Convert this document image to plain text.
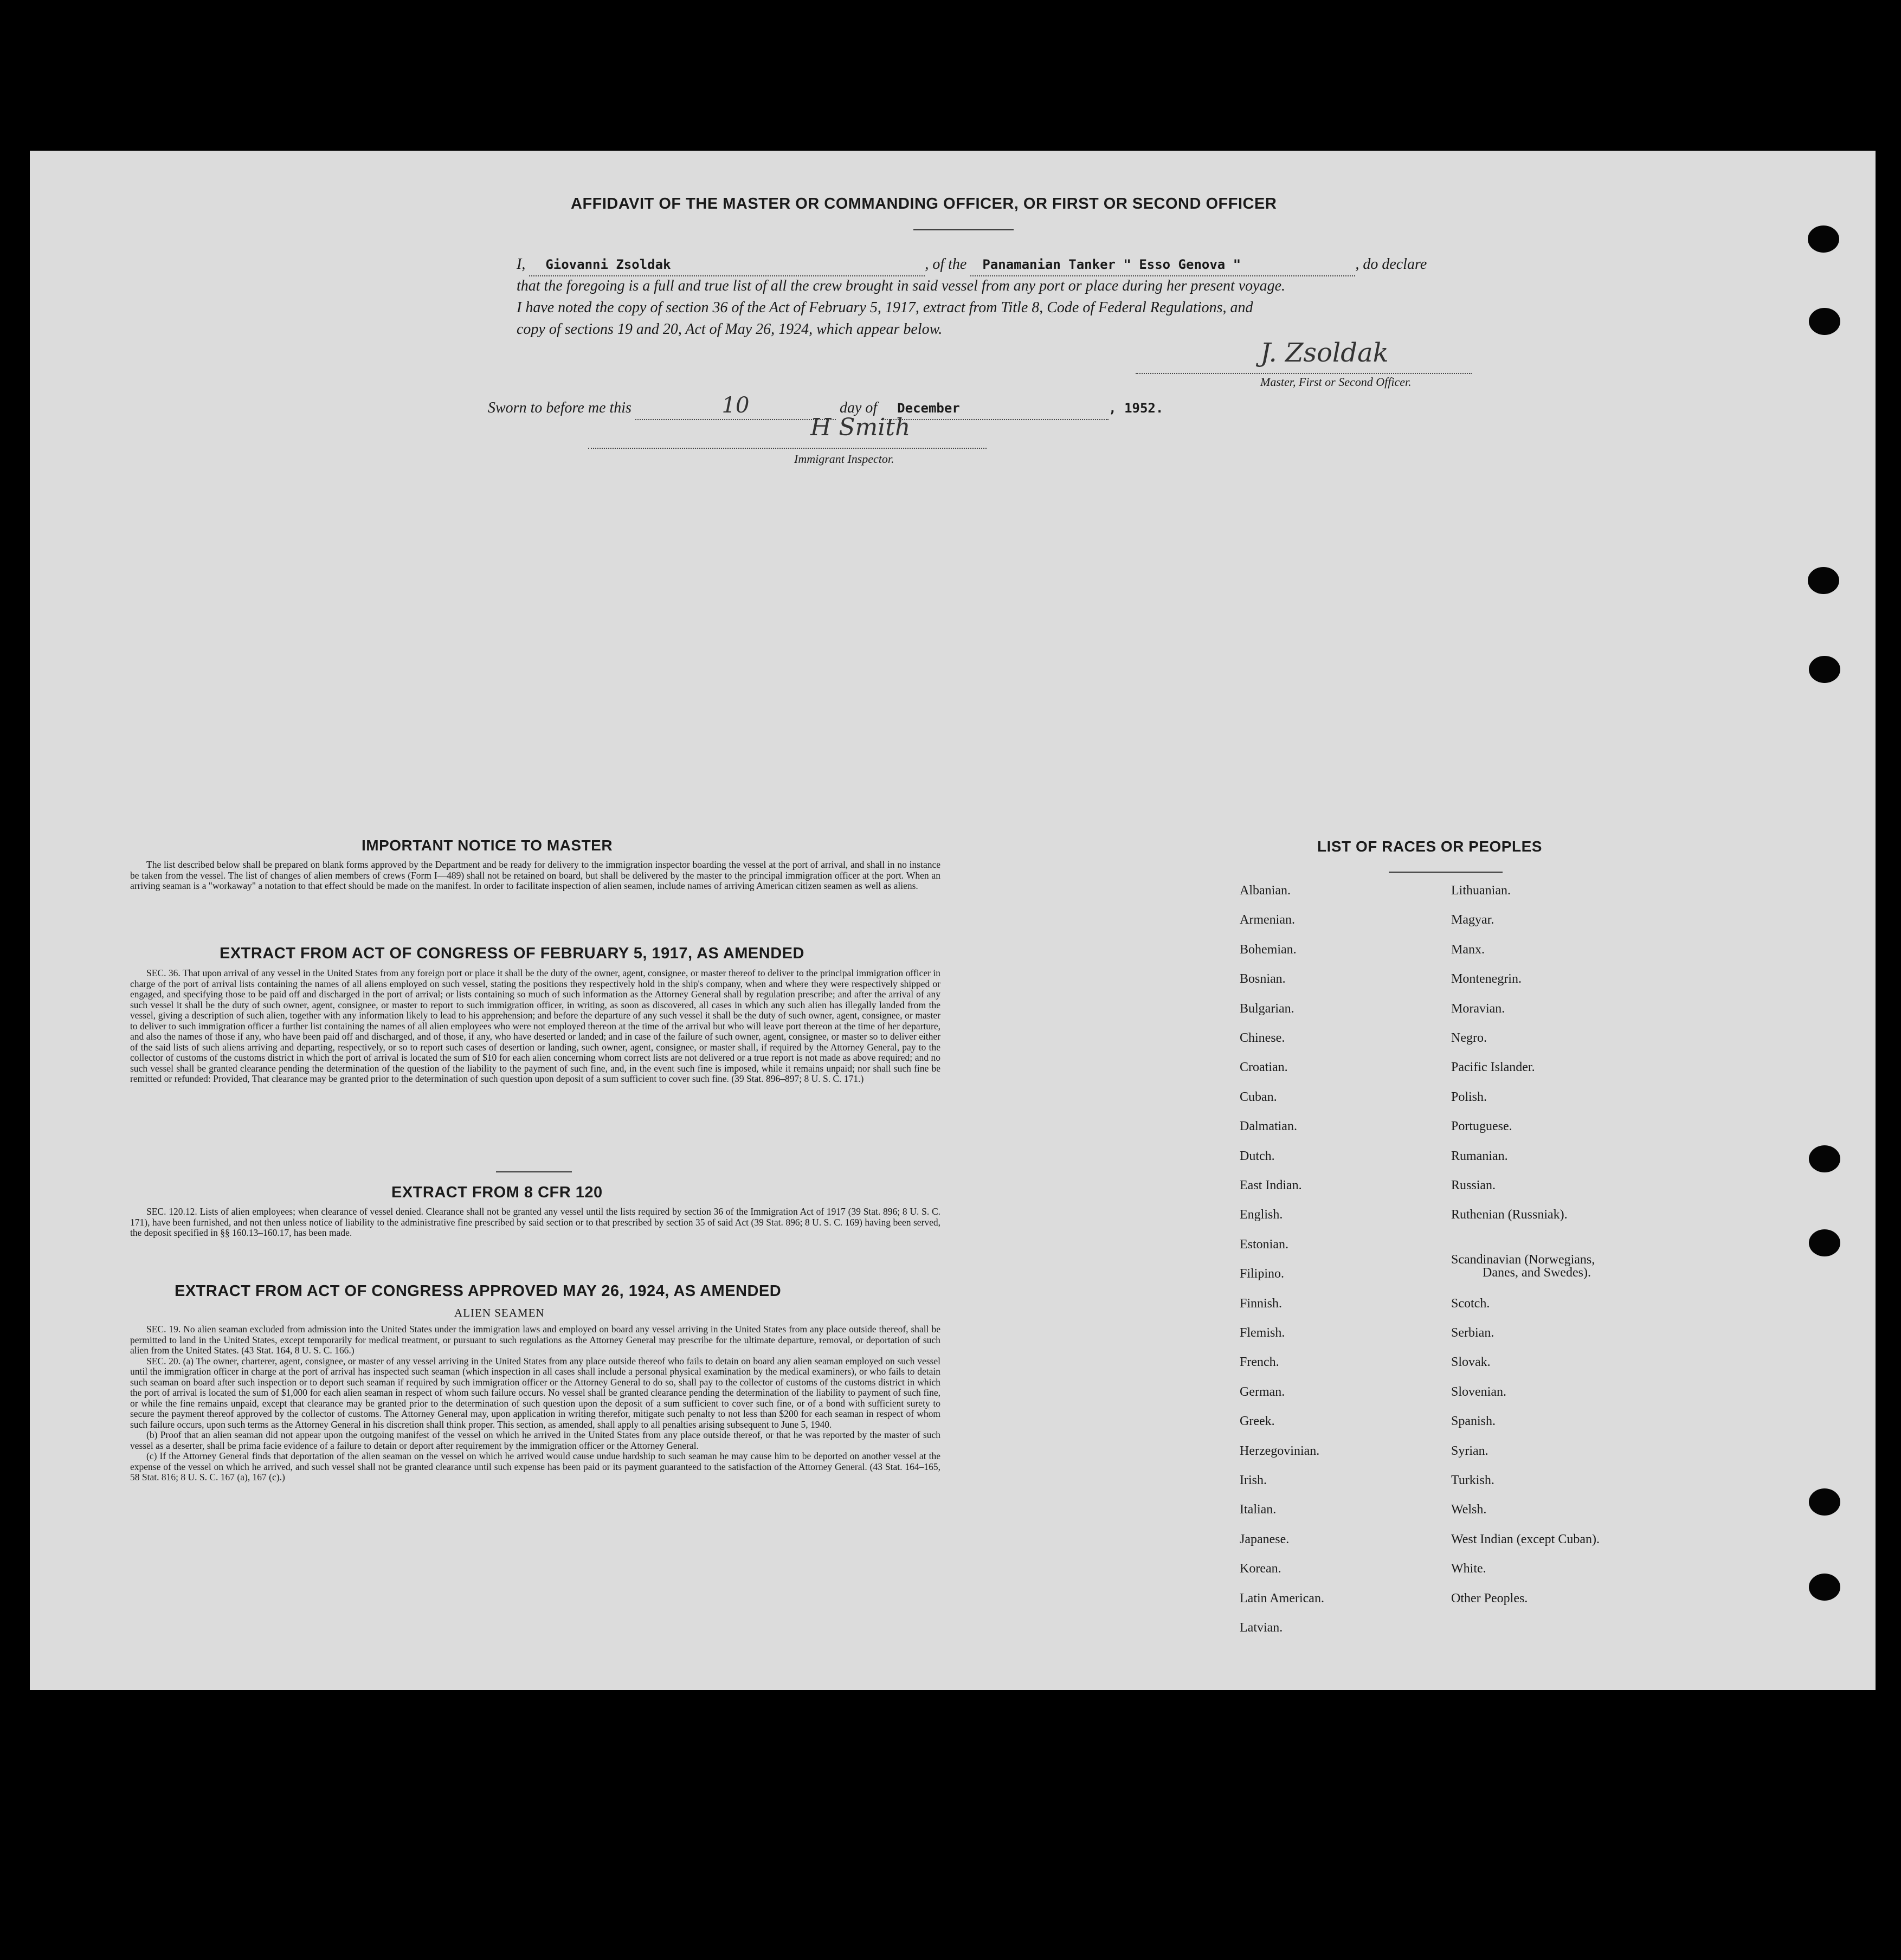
AFFIDAVIT OF THE MASTER OR COMMANDING OFFICER, OR FIRST OR SECOND OFFICER
I, Giovanni Zsoldak	, of the Panamanian Tanker " Esso Genova "	, do declare
that the foregoing is a full and true list of all the crew brought in said vessel from any port or place during her present voyage.
I have noted the copy of section 36 of the Act of February 5, 1917, extract from Title 8, Code of Federal Regulations, and
copy of sections 19 and 20, Act of May 26, 1924, which appear below.
J. Zsoldak
Master, First or Second Officer.
Sworn to before me this	10	day of December	, 1952.
H Smith
Immigrant Inspector.
IMPORTANT NOTICE TO MASTER

The list described below shall be prepared on blank forms approved by the Department and be ready for delivery to the immigration inspector boarding the vessel at the port of arrival, and shall in no instance be taken from the vessel. The list of changes of alien members of crews (Form I—489) shall not be retained on board, but shall be delivered by the master to the principal immigration officer at the port. When an arriving seaman is a "workaway" a notation to that effect should be made on the manifest. In order to facilitate inspection of alien seamen, include names of arriving American citizen seamen as well as aliens.

EXTRACT FROM ACT OF CONGRESS OF FEBRUARY 5, 1917, AS AMENDED

SEC. 36. That upon arrival of any vessel in the United States from any foreign port or place it shall be the duty of the owner, agent, consignee, or master thereof to deliver to the principal immigration officer in charge of the port of arrival lists containing the names of all aliens employed on such vessel, stating the positions they respectively hold in the ship's company, when and where they were respectively shipped or engaged, and specifying those to be paid off and discharged in the port of arrival; or lists containing so much of such information as the Attorney General shall by regulation prescribe; and after the arrival of any such vessel it shall be the duty of such owner, agent, consignee, or master to report to such immigration officer, in writing, as soon as discovered, all cases in which any such alien has illegally landed from the vessel, giving a description of such alien, together with any information likely to lead to his apprehension; and before the departure of any such vessel it shall be the duty of such owner, agent, consignee, or master to deliver to such immigration officer a further list containing the names of all alien employees who were not employed thereon at the time of the arrival but who will leave port thereon at the time of her departure, and also the names of those if any, who have been paid off and discharged, and of those, if any, who have deserted or landed; and in case of the failure of such owner, agent, consignee, or master so to deliver either of the said lists of such aliens arriving and departing, respectively, or so to report such cases of desertion or landing, such owner, agent, consignee, or master shall, if required by the Attorney General, pay to the collector of customs of the customs district in which the port of arrival is located the sum of $10 for each alien concerning whom correct lists are not delivered or a true report is not made as above required; and no such vessel shall be granted clearance pending the determination of the question of the liability to the payment of such fine, and, in the event such fine is imposed, while it remains unpaid; nor shall such fine be remitted or refunded: Provided, That clearance may be granted prior to the determination of such question upon deposit of a sum sufficient to cover such fine. (39 Stat. 896–897; 8 U. S. C. 171.)

EXTRACT FROM 8 CFR 120

SEC. 120.12. Lists of alien employees; when clearance of vessel denied. Clearance shall not be granted any vessel until the lists required by section 36 of the Immigration Act of 1917 (39 Stat. 896; 8 U. S. C. 171), have been furnished, and not then unless notice of liability to the administrative fine prescribed by said section or to that prescribed by section 35 of said Act (39 Stat. 896; 8 U. S. C. 169) having been served, the deposit specified in §§ 160.13–160.17, has been made.

EXTRACT FROM ACT OF CONGRESS APPROVED MAY 26, 1924, AS AMENDED
ALIEN SEAMEN

SEC. 19. No alien seaman excluded from admission into the United States under the immigration laws and employed on board any vessel arriving in the United States from any place outside thereof, shall be permitted to land in the United States, except temporarily for medical treatment, or pursuant to such regulations as the Attorney General may prescribe for the ultimate departure, removal, or deportation of such alien from the United States. (43 Stat. 164, 8 U. S. C. 166.)

SEC. 20. (a) The owner, charterer, agent, consignee, or master of any vessel arriving in the United States from any place outside thereof who fails to detain on board any alien seaman employed on such vessel until the immigration officer in charge at the port of arrival has inspected such seaman (which inspection in all cases shall include a personal physical examination by the medical examiners), or who fails to detain such seaman on board after such inspection or to deport such seaman if required by such immigration officer or the Attorney General to do so, shall pay to the collector of customs of the customs district in which the port of arrival is located the sum of $1,000 for each alien seaman in respect of whom such failure occurs. No vessel shall be granted clearance pending the determination of the liability to payment of such fine, or while the fine remains unpaid, except that clearance may be granted prior to the determination of such question upon the deposit of a sum sufficient to cover such fine, or of a bond with sufficient surety to secure the payment thereof approved by the collector of customs. The Attorney General may, upon application in writing therefor, mitigate such penalty to not less than $200 for each seaman in respect of whom such failure occurs, upon such terms as the Attorney General in his discretion shall think proper. This section, as amended, shall apply to all penalties arising subsequent to June 5, 1940.

(b) Proof that an alien seaman did not appear upon the outgoing manifest of the vessel on which he arrived in the United States from any place outside thereof, or that he was reported by the master of such vessel as a deserter, shall be prima facie evidence of a failure to detain or deport after requirement by the immigration officer or the Attorney General.

(c) If the Attorney General finds that deportation of the alien seaman on the vessel on which he arrived would cause undue hardship to such seaman he may cause him to be deported on another vessel at the expense of the vessel on which he arrived, and such vessel shall not be granted clearance until such expense has been paid or its payment guaranteed to the satisfaction of the Attorney General. (43 Stat. 164–165, 58 Stat. 816; 8 U. S. C. 167 (a), 167 (c).)

LIST OF RACES OR PEOPLES
Albanian.
Armenian.
Bohemian.
Bosnian.
Bulgarian.
Chinese.
Croatian.
Cuban.
Dalmatian.
Dutch.
East Indian.
English.
Estonian.
Filipino.
Finnish.
Flemish.
French.
German.
Greek.
Herzegovinian.
Irish.
Italian.
Japanese.
Korean.
Latin American.
Latvian.
Lithuanian.
Magyar.
Manx.
Montenegrin.
Moravian.
Negro.
Pacific Islander.
Polish.
Portuguese.
Rumanian.
Russian.
Ruthenian (Russniak).
Scandinavian (Norwegians,
Danes, and Swedes).
Scotch.
Serbian.
Slovak.
Slovenian.
Spanish.
Syrian.
Turkish.
Welsh.
West Indian (except Cuban).
White.
Other Peoples.
